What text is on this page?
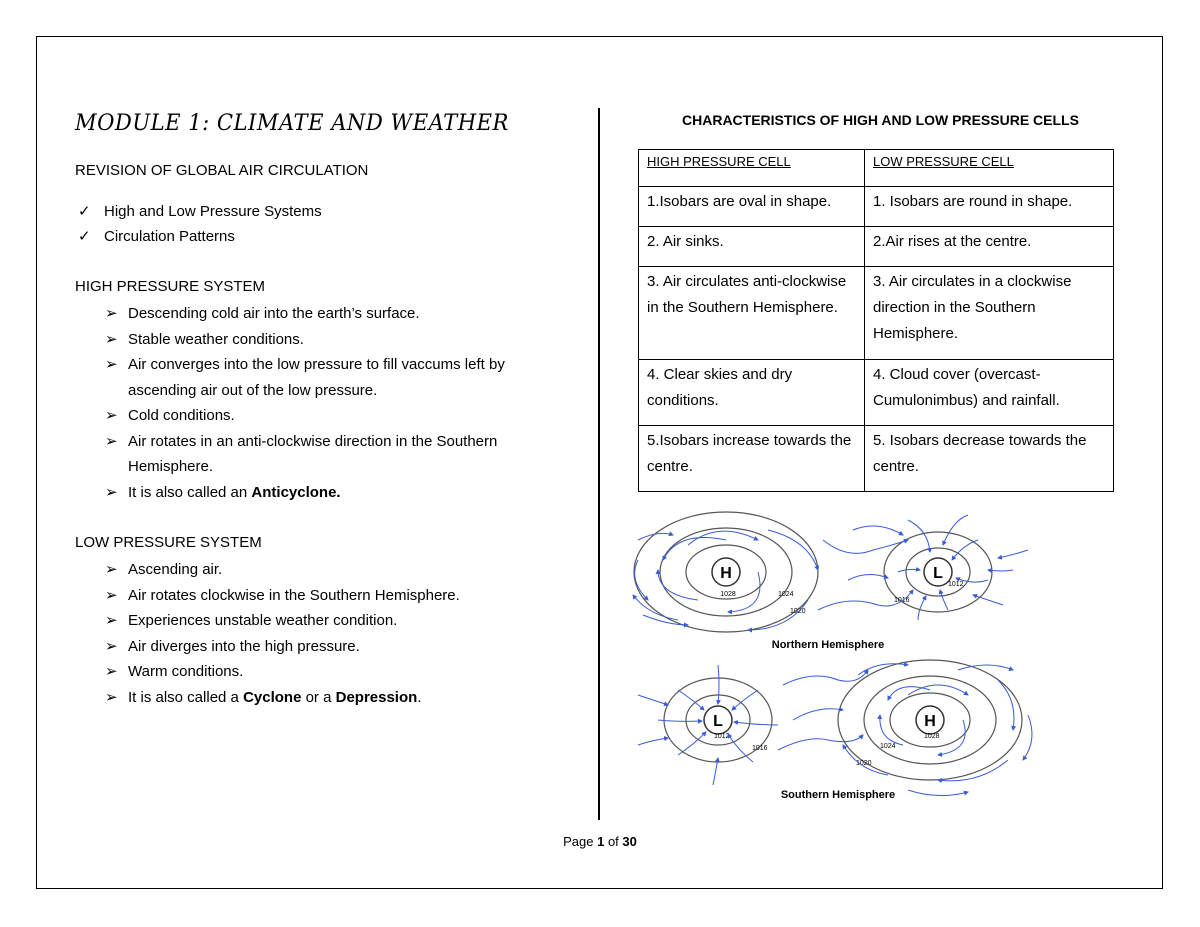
MODULE 1: CLIMATE AND WEATHER
REVISION OF GLOBAL AIR CIRCULATION
✓ High and Low Pressure Systems
✓ Circulation Patterns
HIGH PRESSURE SYSTEM
➢ Descending cold air into the earth’s surface.
➢ Stable weather conditions.
➢ Air converges into the low pressure to fill vaccums left by ascending air out of the low pressure.
➢ Cold conditions.
➢ Air rotates in an anti-clockwise direction in the Southern Hemisphere.
➢ It is also called an Anticyclone.
LOW PRESSURE SYSTEM
➢ Ascending air.
➢ Air rotates clockwise in the Southern Hemisphere.
➢ Experiences unstable weather condition.
➢ Air diverges into the high pressure.
➢ Warm conditions.
➢ It is also called a Cyclone or a Depression.
CHARACTERISTICS OF HIGH AND LOW PRESSURE CELLS
HIGH PRESSURE CELL	LOW PRESSURE CELL
1.Isobars are oval in shape.	1. Isobars are round in shape.
2. Air sinks.	2.Air rises at the centre.
3. Air circulates anti-clockwise in the Southern Hemisphere.	3. Air circulates in a clockwise direction in the Southern Hemisphere.
4. Clear skies and dry conditions.	4. Cloud cover (overcast-Cumulonimbus) and rainfall.
5.Isobars increase towards the centre.	5. Isobars decrease towards the centre.
H
1028	1024
1020
L
1012
1016
Northern Hemisphere
L
1012
1016
H
1028
1024
1020
Southern Hemisphere
Page 1 of 30
